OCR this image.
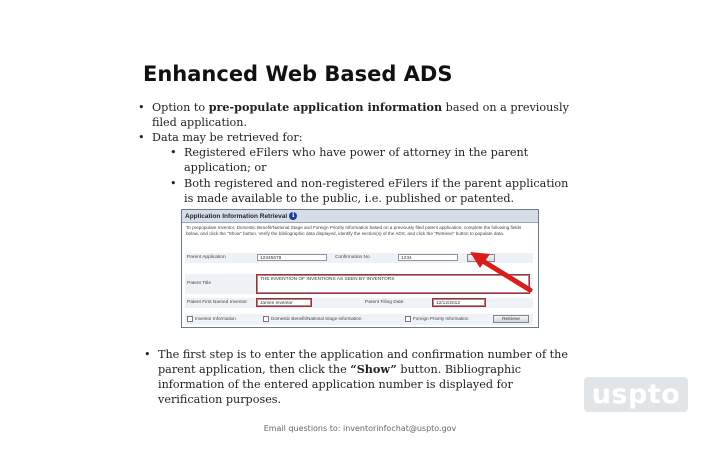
Enhanced Web Based ADS
• Option to pre-populate application information based on a previously filed application.
• Data may be retrieved for:
• Registered eFilers who have power of attorney in the parent application; or
• Both registered and non-registered eFilers if the parent application is made available to the public, i.e. published or patented.
Application Information Retrieval i
To prepopulate Inventor, Domestic Benefit/National Stage and Foreign Priority Information based on a previously filed patent application, complete the following fields below, and click the "Show" button. Verify the bibliographic data displayed, identify the section(s) of the ADS, and click the "Retrieve" button to populate data.
Parent Application	12345678	Confirmation No	1234
Patent Title
THE INVENTION OF INVENTIONS AS SEEN BY INVENTORS
Patent First Named Inventor	James Inventor	Parent Filing Date	12/12/2012
Inventor Information	Domestic Benefit/National Stage Information	Foreign Priority Information	Retrieve
• The first step is to enter the application and confirmation number of the parent application, then click the “Show” button. Bibliographic information of the entered application number is displayed for verification purposes.	uspto
Email questions to: inventorinfochat@uspto.gov
